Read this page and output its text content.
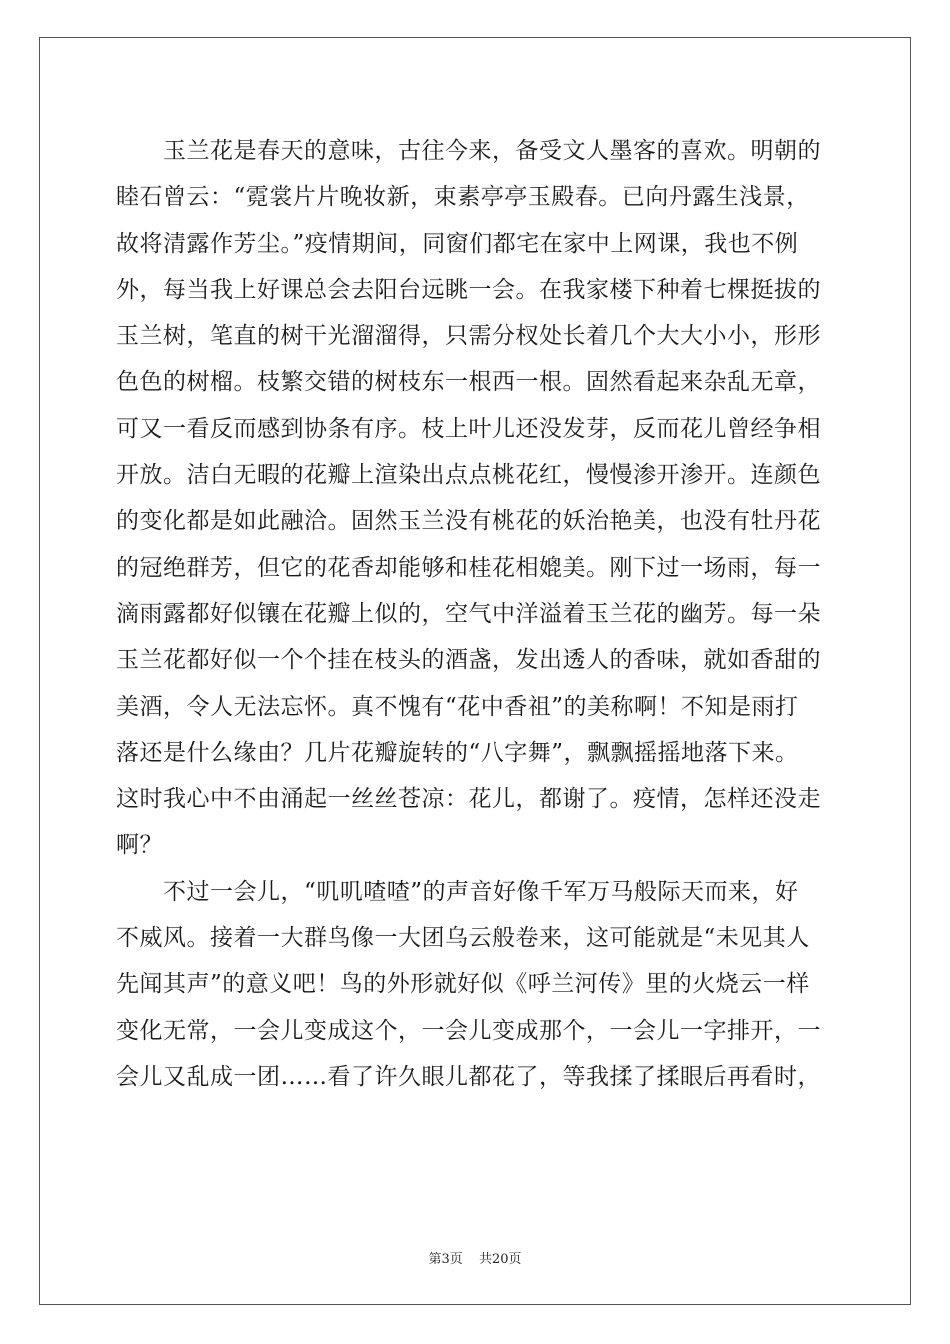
　　玉兰花是春天的意味，古往今来，备受文人墨客的喜欢。明朝的
睦石曾云：“霓裳片片晚妆新，束素亭亭玉殿春。已向丹露生浅景，
故将清露作芳尘。”疫情期间，同窗们都宅在家中上网课，我也不例
外，每当我上好课总会去阳台远眺一会。在我家楼下种着七棵挺拔的
玉兰树，笔直的树干光溜溜得，只需分杈处长着几个大大小小，形形
色色的树榴。枝繁交错的树枝东一根西一根。固然看起来杂乱无章，
可又一看反而感到协条有序。枝上叶儿还没发芽，反而花儿曾经争相
开放。洁白无暇的花瓣上渲染出点点桃花红，慢慢渗开渗开。连颜色
的变化都是如此融洽。固然玉兰没有桃花的妖治艳美，也没有牡丹花
的冠绝群芳，但它的花香却能够和桂花相媲美。刚下过一场雨，每一
滴雨露都好似镶在花瓣上似的，空气中洋溢着玉兰花的幽芳。每一朵
玉兰花都好似一个个挂在枝头的酒盏，发出透人的香味，就如香甜的
美酒，令人无法忘怀。真不愧有“花中香祖”的美称啊！不知是雨打
落还是什么缘由？几片花瓣旋转的“八字舞”，飘飘摇摇地落下来。
这时我心中不由涌起一丝丝苍凉：花儿，都谢了。疫情，怎样还没走
啊？
　　不过一会儿，“叽叽喳喳”的声音好像千军万马般际天而来，好
不威风。接着一大群鸟像一大团乌云般卷来，这可能就是“未见其人
先闻其声”的意义吧！鸟的外形就好似《呼兰河传》里的火烧云一样
变化无常，一会儿变成这个，一会儿变成那个，一会儿一字排开，一
会儿又乱成一团……看了许久眼儿都花了，等我揉了揉眼后再看时，
第3页 共20页
